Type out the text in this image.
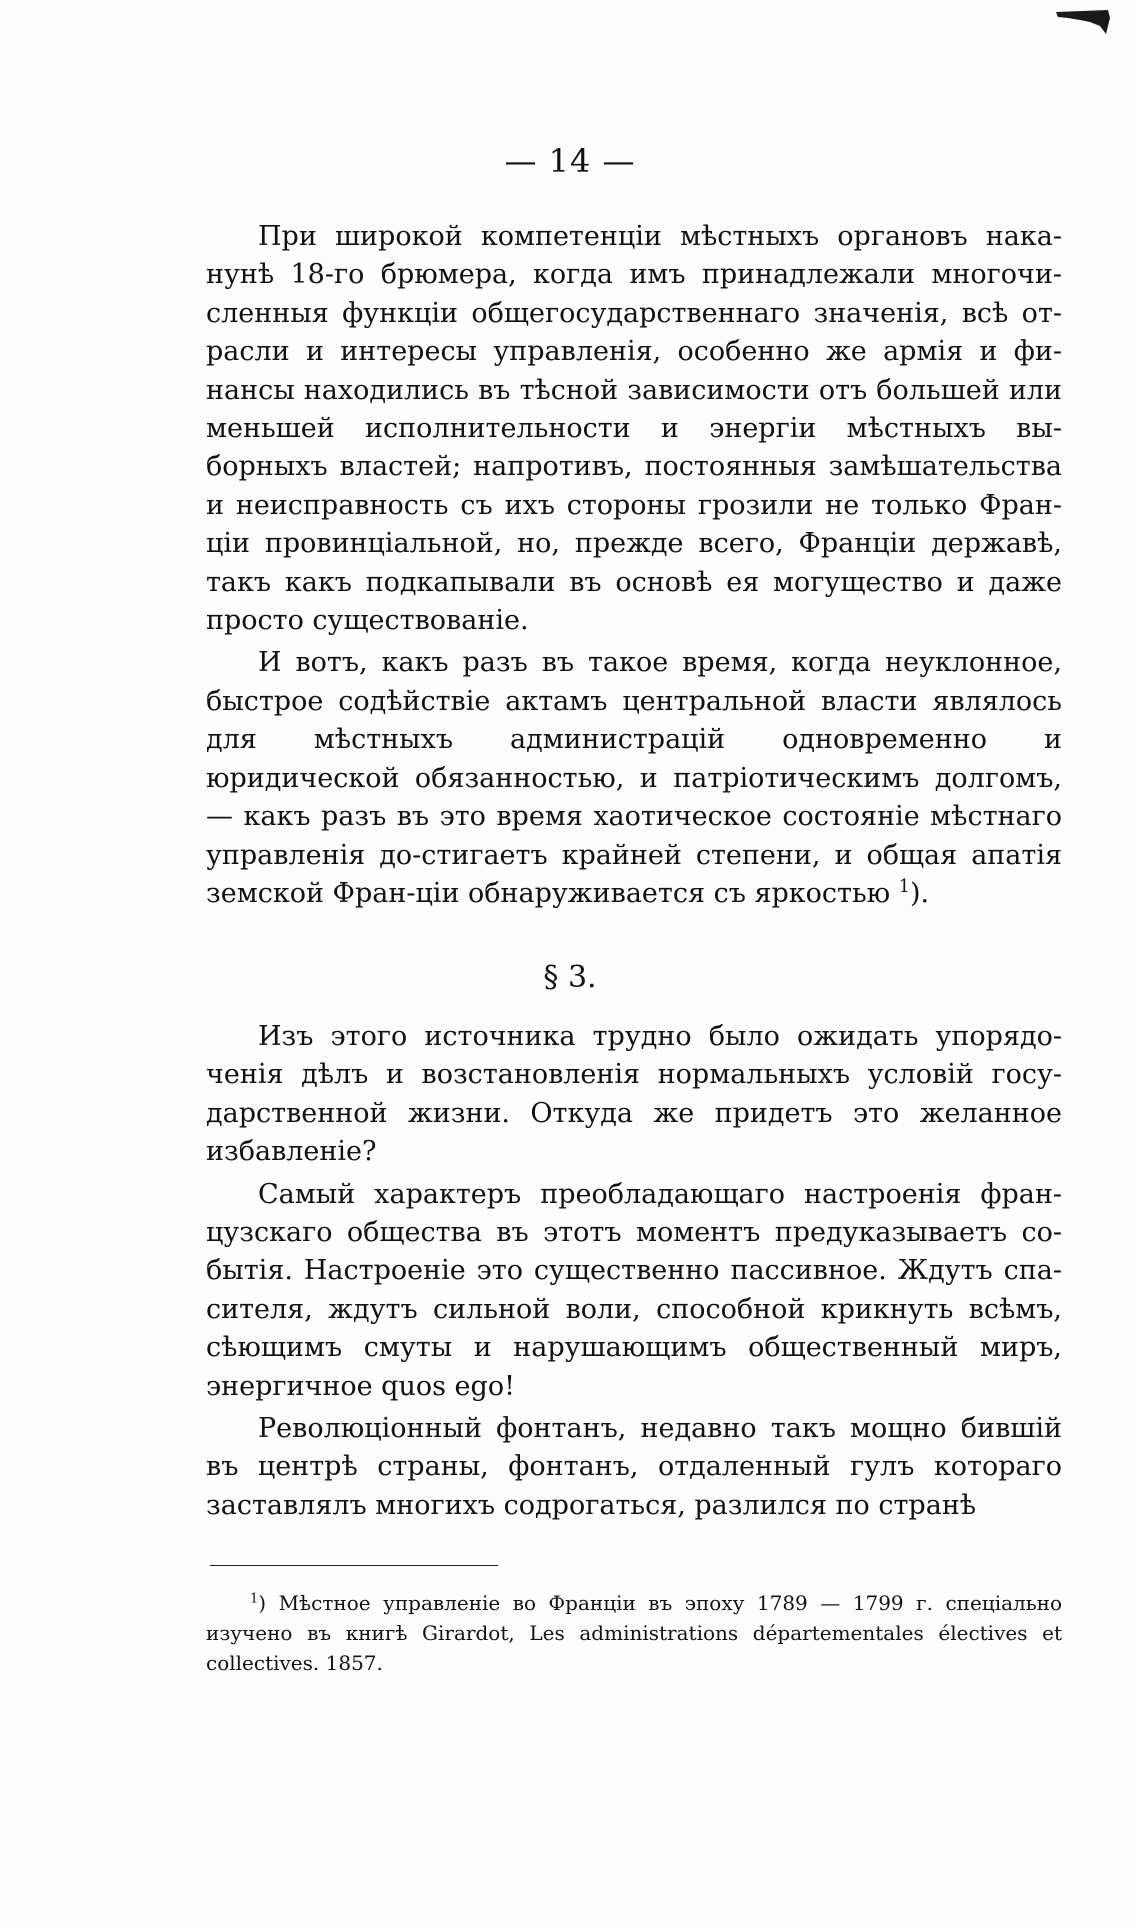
— 14 —

При широкой компетенціи мѣстныхъ органовъ нака-нунѣ 18-го брюмера, когда имъ принадлежали многочи-сленныя функціи общегосударственнаго значенія, всѣ от-расли и интересы управленія, особенно же армія и фи-нансы находились въ тѣсной зависимости отъ большей или меньшей исполнительности и энергіи мѣстныхъ вы-борныхъ властей; напротивъ, постоянныя замѣшательства и неисправность съ ихъ стороны грозили не только Фран-ціи провинціальной, но, прежде всего, Франціи державѣ, такъ какъ подкапывали въ основѣ ея могущество и даже просто существованіе.

И вотъ, какъ разъ въ такое время, когда неуклонное, быстрое содѣйствіе актамъ центральной власти являлось для мѣстныхъ администрацій одновременно и юридической обязанностью, и патріотическимъ долгомъ, — какъ разъ въ это время хаотическое состояніе мѣстнаго управленія до-стигаетъ крайней степени, и общая апатія земской Фран-ціи обнаруживается съ яркостью $^1$).

§ 3.

Изъ этого источника трудно было ожидать упорядо-ченія дѣлъ и возстановленія нормальныхъ условій госу-дарственной жизни. Откуда же придетъ это желанное избавленіе?

Самый характеръ преобладающаго настроенія фран-цузскаго общества въ этотъ моментъ предуказываетъ со-бытія. Настроеніе это существенно пассивное. Ждутъ спа-сителя, ждутъ сильной воли, способной крикнуть всѣмъ, сѣющимъ смуты и нарушающимъ общественный миръ, энергичное quos ego!

Революціонный фонтанъ, недавно такъ мощно бившій въ центрѣ страны, фонтанъ, отдаленный гулъ котораго заставлялъ многихъ содрогаться, разлился по странѣ

$^1$) Мѣстное управленіе во Франціи въ эпоху 1789 — 1799 г. спеціально изучено въ книгѣ Girardot, Les administrations départementales électives et collectives. 1857.
